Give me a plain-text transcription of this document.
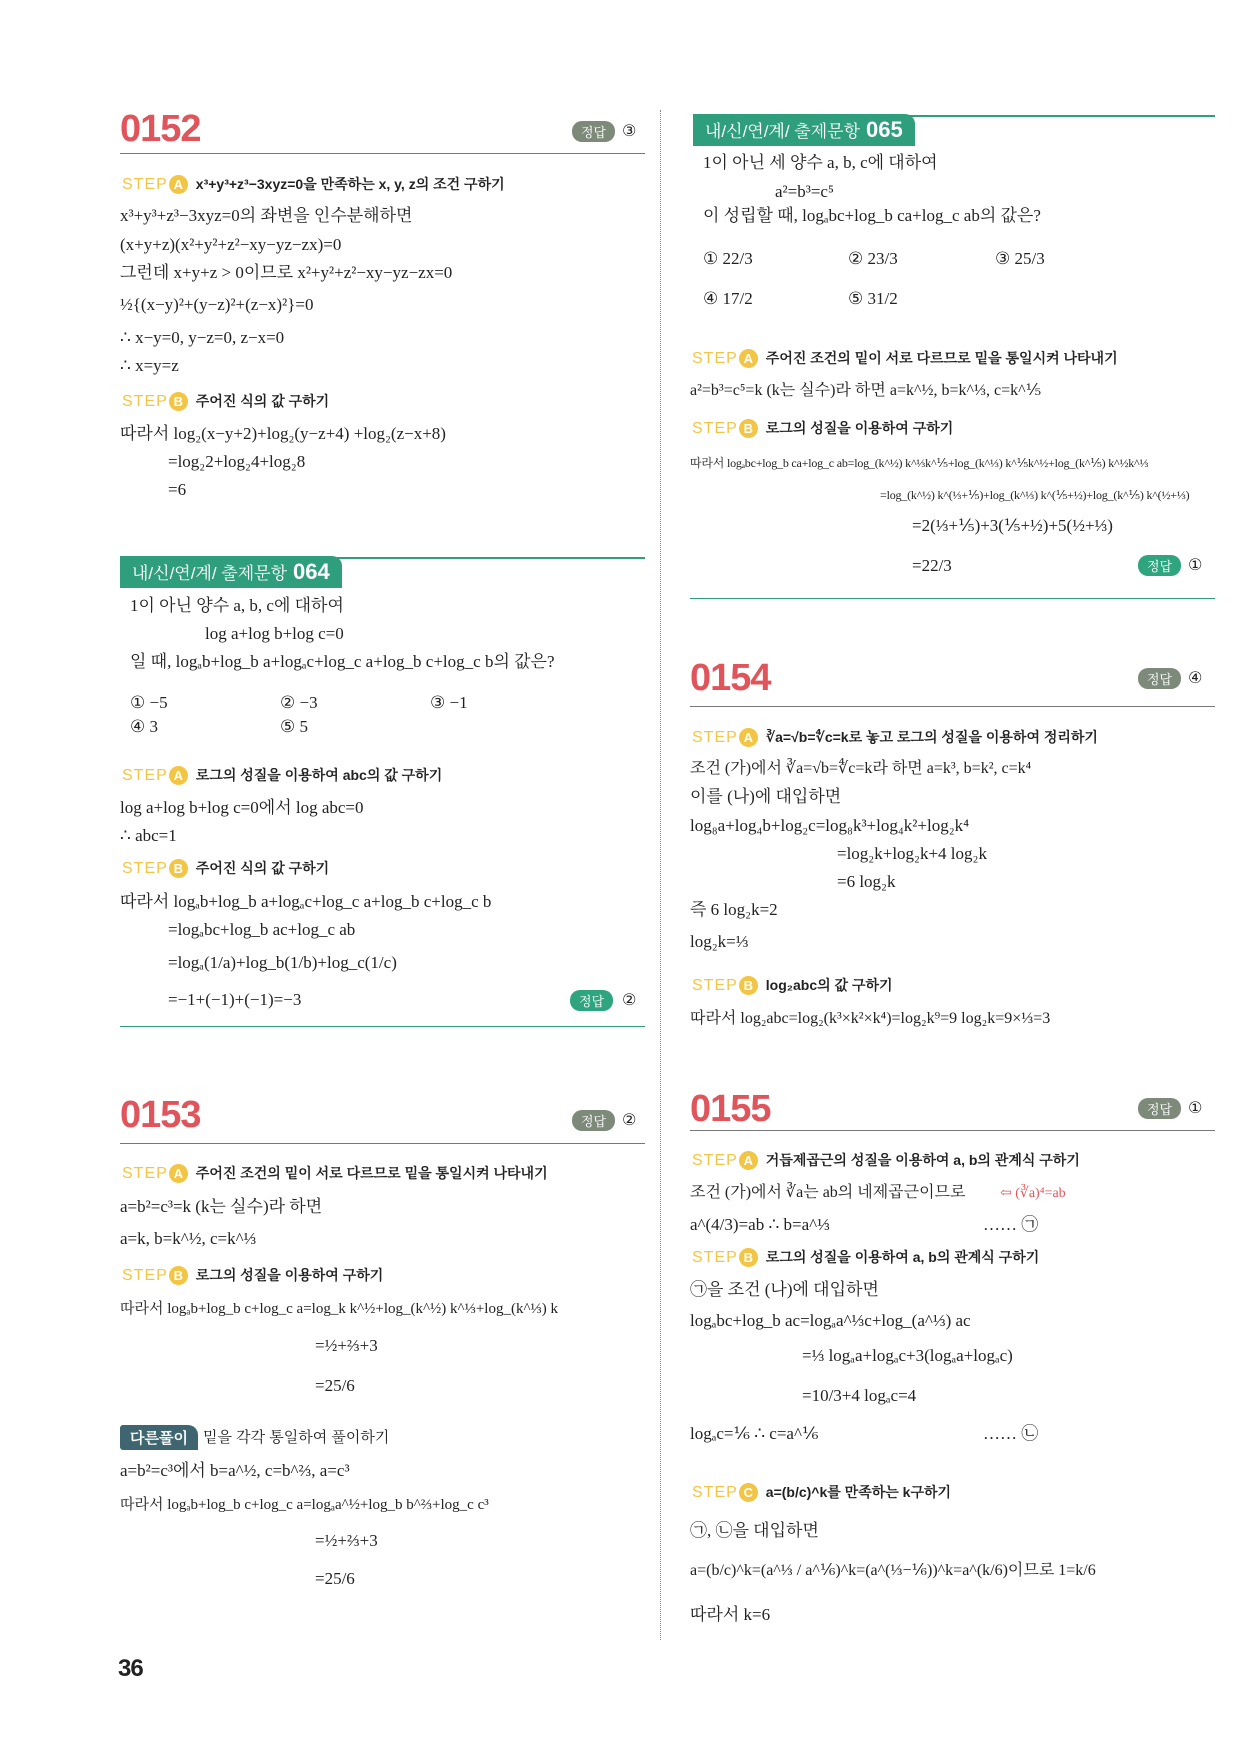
0152	정답 ③
STEP A x³+y³+z³−3xyz=0을 만족하는 x, y, z의 조건 구하기
x³+y³+z³−3xyz=0의 좌변을 인수분해하면
(x+y+z)(x²+y²+z²−xy−yz−zx)=0
그런데 x+y+z > 0이므로 x²+y²+z²−xy−yz−zx=0
½{(x−y)²+(y−z)²+(z−x)²}=0
∴ x−y=0, y−z=0, z−x=0
∴ x=y=z
STEP B 주어진 식의 값 구하기
따라서 log₂(x−y+2)+log₂(y−z+4) +log₂(z−x+8)
=log₂2+log₂4+log₂8
=6
내/신/연/계/ 출제문항 064
1이 아닌 양수 a, b, c에 대하여
log a+log b+log c=0
일 때, logₐb+log_b a+logₐc+log_c a+log_b c+log_c b의 값은?
① −5	② −3	③ −1
④ 3	⑤ 5
STEP A 로그의 성질을 이용하여 abc의 값 구하기
log a+log b+log c=0에서 log abc=0
∴ abc=1
STEP B 주어진 식의 값 구하기
따라서 logₐb+log_b a+logₐc+log_c a+log_b c+log_c b
=logₐbc+log_b ac+log_c ab
=logₐ(1/a)+log_b(1/b)+log_c(1/c)
=−1+(−1)+(−1)=−3	정답	②
0153	정답 ②
STEP A 주어진 조건의 밑이 서로 다르므로 밑을 통일시켜 나타내기
a=b²=c³=k (k는 실수)라 하면
a=k, b=k^½, c=k^⅓
STEP B 로그의 성질을 이용하여 구하기
따라서 logₐb+log_b c+log_c a=log_k k^½+log_(k^½) k^⅓+log_(k^⅓) k
=½+⅔+3
=25/6
다른풀이	밑을 각각 통일하여 풀이하기
a=b²=c³에서 b=a^½, c=b^⅔, a=c³
따라서 logₐb+log_b c+log_c a=logₐa^½+log_b b^⅔+log_c c³
=½+⅔+3
=25/6
내/신/연/계/ 출제문항 065
1이 아닌 세 양수 a, b, c에 대하여
a²=b³=c⁵
이 성립할 때, logₐbc+log_b ca+log_c ab의 값은?
① 22/3	② 23/3	③ 25/3
④ 17/2	⑤ 31/2
STEP A 주어진 조건의 밑이 서로 다르므로 밑을 통일시켜 나타내기
a²=b³=c⁵=k (k는 실수)라 하면 a=k^½, b=k^⅓, c=k^⅕
STEP B 로그의 성질을 이용하여 구하기
따라서 logₐbc+log_b ca+log_c ab=log_(k^½) k^⅓k^⅕+log_(k^⅓) k^⅕k^½+log_(k^⅕) k^½k^⅓
=log_(k^½) k^(⅓+⅕)+log_(k^⅓) k^(⅕+½)+log_(k^⅕) k^(½+⅓)
=2(⅓+⅕)+3(⅕+½)+5(½+⅓)
=22/3	정답 ①
0154	정답 ④
STEP A ∛a=√b=∜c=k로 놓고 로그의 성질을 이용하여 정리하기
조건 (가)에서 ∛a=√b=∜c=k라 하면 a=k³, b=k², c=k⁴
이를 (나)에 대입하면
log₈a+log₄b+log₂c=log₈k³+log₄k²+log₂k⁴
=log₂k+log₂k+4 log₂k
=6 log₂k
즉 6 log₂k=2
log₂k=⅓
STEP B log₂abc의 값 구하기
따라서 log₂abc=log₂(k³×k²×k⁴)=log₂k⁹=9 log₂k=9×⅓=3
0155	정답 ①
STEP A 거듭제곱근의 성질을 이용하여 a, b의 관계식 구하기
조건 (가)에서 ∛a는 ab의 네제곱근이므로 ⇦ (∛a)⁴=ab
a^(4/3)=ab ∴ b=a^⅓	…… ㉠
STEP B 로그의 성질을 이용하여 a, b의 관계식 구하기
㉠을 조건 (나)에 대입하면
logₐbc+log_b ac=logₐa^⅓c+log_(a^⅓) ac
=⅓ logₐa+logₐc+3(logₐa+logₐc)
=10/3+4 logₐc=4
logₐc=⅙ ∴ c=a^⅙	…… ㉡
STEP C a=(b/c)^k를 만족하는 k구하기
㉠, ㉡을 대입하면
a=(b/c)^k=(a^⅓ / a^⅙)^k=(a^(⅓−⅙))^k=a^(k/6)이므로 1=k/6
따라서 k=6
36
